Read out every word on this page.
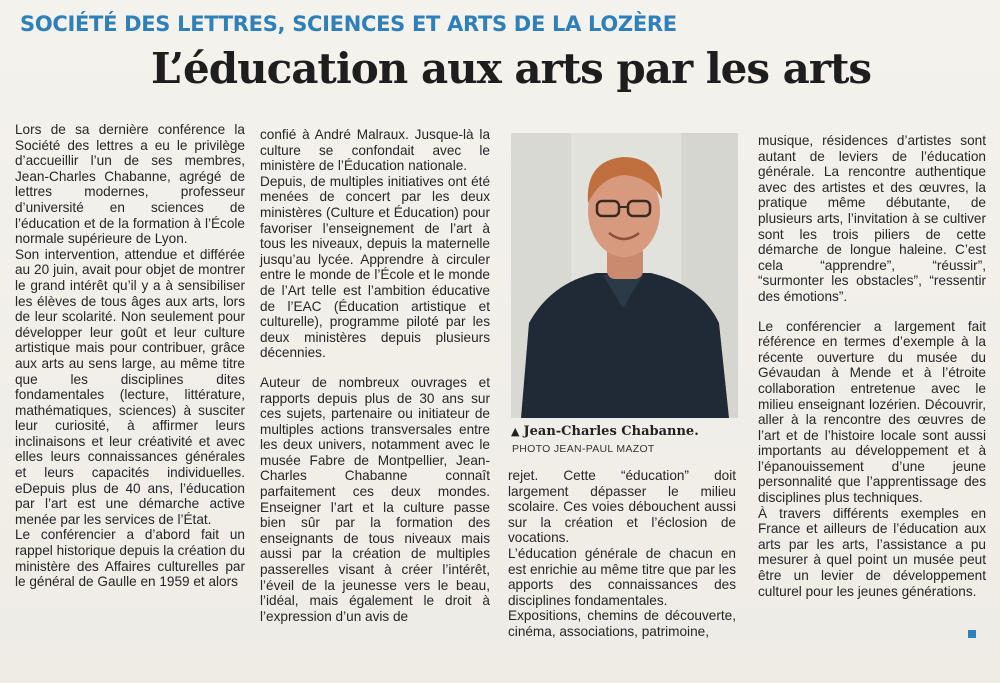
SOCIÉTÉ DES LETTRES, SCIENCES ET ARTS DE LA LOZÈRE
L’éducation aux arts par les arts

Lors de sa dernière conférence la Société des lettres a eu le privilège d’accueillir l’un de ses membres, Jean-Charles Chabanne, agrégé de lettres modernes, professeur d’université en sciences de l’éducation et de la formation à l’École normale supérieure de Lyon.

Son intervention, attendue et différée au 20 juin, avait pour objet de montrer le grand intérêt qu’il y a à sensibiliser les élèves de tous âges aux arts, lors de leur scolarité. Non seulement pour développer leur goût et leur culture artistique mais pour contribuer, grâce aux arts au sens large, au même titre que les disciplines dites fondamentales (lecture, littérature, mathématiques, sciences) à susciter leur curiosité, à affirmer leurs inclinaisons et leur créativité et avec elles leurs connaissances générales et leurs capacités individuelles. eDepuis plus de 40 ans, l’éducation par l’art est une démarche active menée par les services de l’État.

Le conférencier a d’abord fait un rappel historique depuis la création du ministère des Affaires culturelles par le général de Gaulle en 1959 et alors

confié à André Malraux. Jusque-là la culture se confondait avec le ministère de l’Éducation nationale.

Depuis, de multiples initiatives ont été menées de concert par les deux ministères (Culture et Éducation) pour favoriser l’enseignement de l’art à tous les niveaux, depuis la maternelle jusqu’au lycée. Apprendre à circuler entre le monde de l’École et le monde de l’Art telle est l’ambition éducative de l’EAC (Éducation artistique et culturelle), programme piloté par les deux ministères depuis plusieurs décennies.

Auteur de nombreux ouvrages et rapports depuis plus de 30 ans sur ces sujets, partenaire ou initiateur de multiples actions transversales entre les deux univers, notamment avec le musée Fabre de Montpellier, Jean-Charles Chabanne connaît parfaitement ces deux mondes. Enseigner l’art et la culture passe bien sûr par la formation des enseignants de tous niveaux mais aussi par la création de multiples passerelles visant à créer l’intérêt, l’éveil de la jeunesse vers le beau, l’idéal, mais également le droit à l’expression d’un avis de

▲ Jean-Charles Chabanne.
PHOTO JEAN-PAUL MAZOT

rejet. Cette “éducation” doit largement dépasser le milieu scolaire. Ces voies débouchent aussi sur la création et l’éclosion de vocations.

L’éducation générale de chacun en est enrichie au même titre que par les apports des connaissances des disciplines fondamentales.

Expositions, chemins de découverte, cinéma, associations, patrimoine,

musique, résidences d’artistes sont autant de leviers de l’éducation générale. La rencontre authentique avec des artistes et des œuvres, la pratique même débutante, de plusieurs arts, l’invitation à se cultiver sont les trois piliers de cette démarche de longue haleine. C’est cela “apprendre”, “réussir”, “surmonter les obstacles”, “ressentir des émotions”.

Le conférencier a largement fait référence en termes d’exemple à la récente ouverture du musée du Gévaudan à Mende et à l’étroite collaboration entretenue avec le milieu enseignant lozérien. Découvrir, aller à la rencontre des œuvres de l’art et de l’histoire locale sont aussi importants au développement et à l’épanouissement d’une jeune personnalité que l’apprentissage des disciplines plus techniques.

À travers différents exemples en France et ailleurs de l’éducation aux arts par les arts, l’assistance a pu mesurer à quel point un musée peut être un levier de développement culturel pour les jeunes générations.
